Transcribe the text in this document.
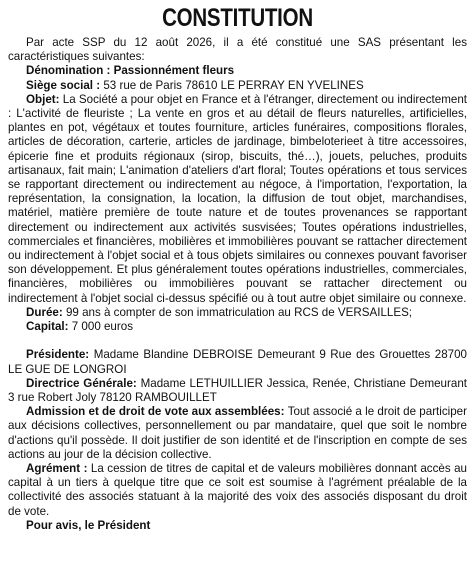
CONSTITUTION

Par acte SSP du 12 août 2026, il a été constitué une SAS présentant les caractéristiques suivantes:

Dénomination : Passionnément fleurs

Siège social : 53 rue de Paris 78610 LE PERRAY EN YVELINES

Objet: La Société a pour objet en France et à l'étranger, directement ou indirectement : L'activité de fleuriste ; La vente en gros et au détail de fleurs naturelles, artificielles, plantes en pot, végétaux et toutes fourniture, articles funéraires, compositions florales, articles de décoration, carterie, articles de jardinage, bimbeloterieet à titre accessoires, épicerie fine et produits régionaux (sirop, biscuits, thé…), jouets, peluches, produits artisanaux, fait main; L'animation d'ateliers d'art floral; Toutes opérations et tous services se rapportant directement ou indirectement au négoce, à l'importation, l'exportation, la représentation, la consignation, la location, la diffusion de tout objet, marchandises, matériel, matière première de toute nature et de toutes provenances se rapportant directement ou indirectement aux activités susvisées; Toutes opérations industrielles, commerciales et financières, mobilières et immobilières pouvant se rattacher directement ou indirectement à l'objet social et à tous objets similaires ou connexes pouvant favoriser son développement. Et plus généralement toutes opérations industrielles, commerciales, financières, mobilières ou immobilières pouvant se rattacher directement ou indirectement à l'objet social ci-dessus spécifié ou à tout autre objet similaire ou connexe.

Durée: 99 ans à compter de son immatriculation au RCS de VERSAILLES;

Capital: 7 000 euros

Présidente: Madame Blandine DEBROISE Demeurant 9 Rue des Grouettes 28700 LE GUE DE LONGROI

Directrice Générale: Madame LETHUILLIER Jessica, Renée, Christiane Demeurant 3 rue Robert Joly 78120 RAMBOUILLET

Admission et de droit de vote aux assemblées: Tout associé a le droit de participer aux décisions collectives, personnellement ou par mandataire, quel que soit le nombre d'actions qu'il possède. Il doit justifier de son identité et de l'inscription en compte de ses actions au jour de la décision collective.

Agrément : La cession de titres de capital et de valeurs mobilières donnant accès au capital à un tiers à quelque titre que ce soit est soumise à l'agrément préalable de la collectivité des associés statuant à la majorité des voix des associés disposant du droit de vote.

Pour avis, le Président
